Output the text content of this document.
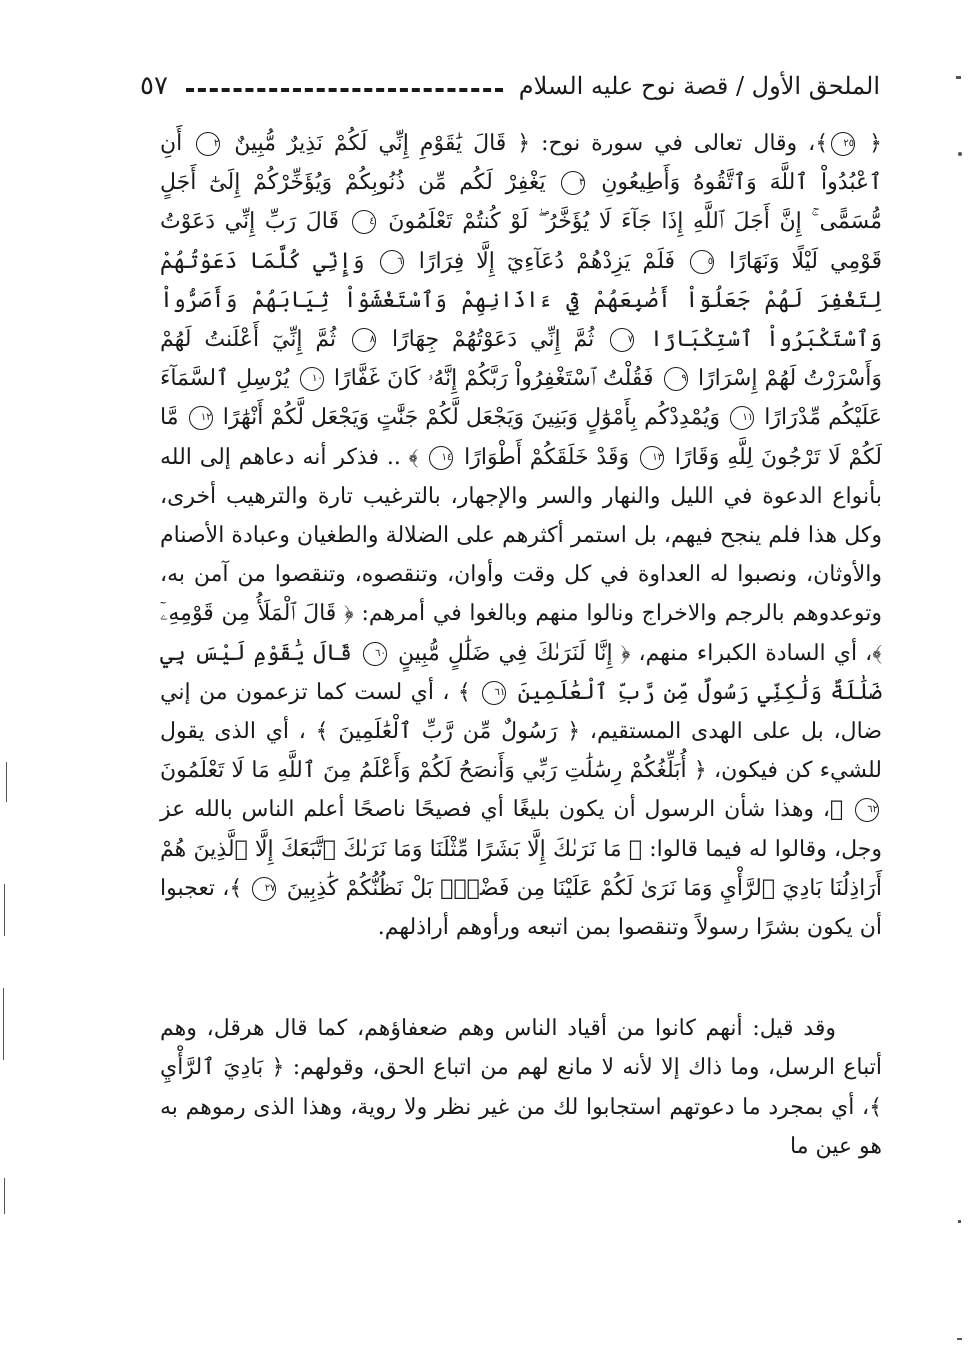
الملحق الأول / قصة نوح عليه السلام
٥٧

﴿ ٢٥﴾، وقال تعالى في سورة نوح: ﴿ قَالَ يَٰقَوْمِ إِنِّي لَكُمْ نَذِيرٌ مُّبِينٌ ٢ أَنِ ٱعْبُدُواْ ٱللَّهَ وَٱتَّقُوهُ وَأَطِيعُونِ ٣ يَغْفِرْ لَكُم مِّن ذُنُوبِكُمْ وَيُؤَخِّرْكُمْ إِلَىٰٓ أَجَلٍ مُّسَمًّى ۚ إِنَّ أَجَلَ ٱللَّهِ إِذَا جَآءَ لَا يُؤَخَّرُ ۖ لَوْ كُنتُمْ تَعْلَمُونَ ٤ قَالَ رَبِّ إِنِّي دَعَوْتُ قَوْمِي لَيْلًا وَنَهَارًا ٥ فَلَمْ يَزِدْهُمْ دُعَآءِيٓ إِلَّا فِرَارًا ٦ وَإِنِّي كُلَّمَا دَعَوْتُهُمْ لِتَغْفِرَ لَهُمْ جَعَلُوٓاْ أَصَٰبِعَهُمْ فِيٓ ءَاذَانِهِمْ وَٱسْتَغْشَوْاْ ثِيَابَهُمْ وَأَصَرُّواْ وَٱسْتَكْبَرُواْ ٱسْتِكْبَارًا ٧ ثُمَّ إِنِّي دَعَوْتُهُمْ جِهَارًا ٨ ثُمَّ إِنِّيٓ أَعْلَنتُ لَهُمْ وَأَسْرَرْتُ لَهُمْ إِسْرَارًا ٩ فَقُلْتُ ٱسْتَغْفِرُواْ رَبَّكُمْ إِنَّهُۥ كَانَ غَفَّارًا ١٠ يُرْسِلِ ٱلسَّمَآءَ عَلَيْكُم مِّدْرَارًا ١١ وَيُمْدِدْكُم بِأَمْوَٰلٍ وَبَنِينَ وَيَجْعَل لَّكُمْ جَنَّٰتٍ وَيَجْعَل لَّكُمْ أَنْهَٰرًا ١٢ مَّا لَكُمْ لَا تَرْجُونَ لِلَّهِ وَقَارًا ١٣ وَقَدْ خَلَقَكُمْ أَطْوَارًا ١٤ ﴾ .. فذكر أنه دعاهم إلى الله بأنواع الدعوة في الليل والنهار والسر والإجهار، بالترغيب تارة والترهيب أخرى، وكل هذا فلم ينجح فيهم، بل استمر أكثرهم على الضلالة والطغيان وعبادة الأصنام والأوثان، ونصبوا له العداوة في كل وقت وأوان، وتنقصوه، وتنقصوا من آمن به، وتوعدوهم بالرجم والاخراج ونالوا منهم وبالغوا في أمرهم: ﴿ قَالَ ٱلْمَلَأُ مِن قَوْمِهِۦٓ ﴾، أي السادة الكبراء منهم، ﴿ إِنَّا لَنَرَىٰكَ فِي ضَلَٰلٍ مُّبِينٍ ٦٠ قَالَ يَٰقَوْمِ لَيْسَ بِي ضَلَٰلَةٌ وَلَٰكِنِّي رَسُولٌ مِّن رَّبِّ ٱلْعَٰلَمِينَ ٦١ ﴾ ، أي لست كما تزعمون من إني ضال، بل على الهدى المستقيم، ﴿ رَسُولٌ مِّن رَّبِّ ٱلْعَٰلَمِينَ ﴾ ، أي الذى يقول للشيء كن فيكون، ﴿ أُبَلِّغُكُمْ رِسَٰلَٰتِ رَبِّي وَأَنصَحُ لَكُمْ وَأَعْلَمُ مِنَ ٱللَّهِ مَا لَا تَعْلَمُونَ ٦٢ ﴾، وهذا شأن الرسول أن يكون بليغًا أي فصيحًا ناصحًا أعلم الناس بالله عز وجل، وقالوا له فيما قالوا: ﴿ مَا نَرَىٰكَ إِلَّا بَشَرًا مِّثْلَنَا وَمَا نَرَىٰكَ ٱتَّبَعَكَ إِلَّا ٱلَّذِينَ هُمْ أَرَاذِلُنَا بَادِيَ ٱلرَّأْيِ وَمَا نَرَىٰ لَكُمْ عَلَيْنَا مِن فَضْلٍۭ بَلْ نَظُنُّكُمْ كَٰذِبِينَ ٢٧ ﴾، تعجبوا أن يكون بشرًا رسولاً وتنقصوا بمن اتبعه ورأوهم أراذلهم.

وقد قيل: أنهم كانوا من أقياد الناس وهم ضعفاؤهم، كما قال هرقل، وهم أتباع الرسل، وما ذاك إلا لأنه لا مانع لهم من اتباع الحق، وقولهم: ﴿ بَادِيَ ٱلرَّأْيِ ﴾، أي بمجرد ما دعوتهم استجابوا لك من غير نظر ولا روية، وهذا الذى رموهم به هو عين ما
